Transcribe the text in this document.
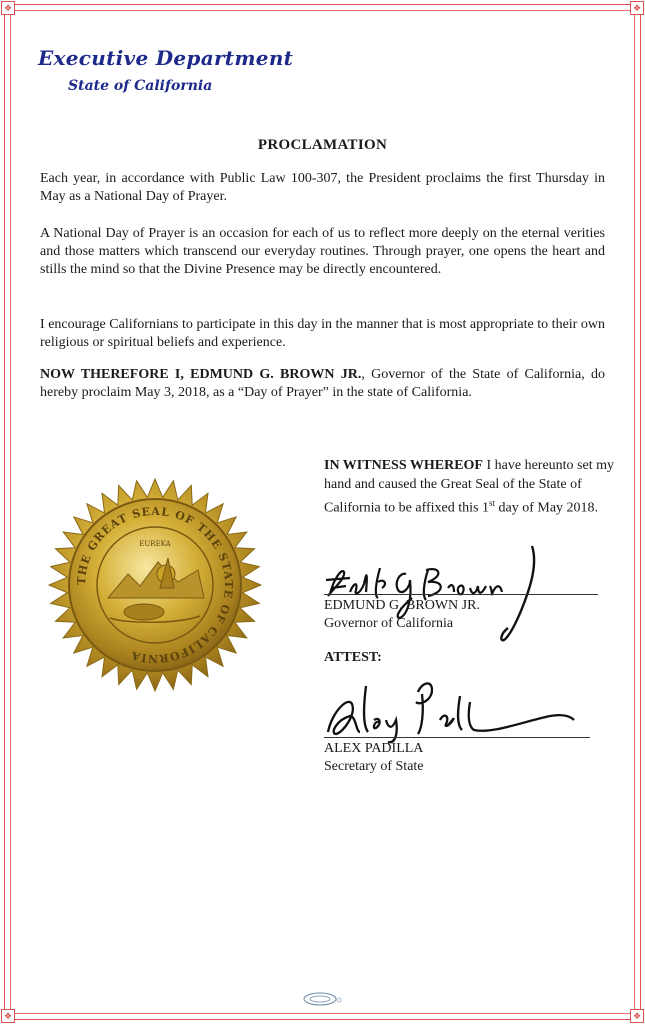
❖	❖
❖	❖
Executive Department
State of California
PROCLAMATION
Each year, in accordance with Public Law 100-307, the President proclaims the first Thursday in May as a National Day of Prayer.
A National Day of Prayer is an occasion for each of us to reflect more deeply on the eternal verities and those matters which transcend our everyday routines. Through prayer, one opens the heart and stills the mind so that the Divine Presence may be directly encountered.
I encourage Californians to participate in this day in the manner that is most appropriate to their own religious or spiritual beliefs and experience.
NOW THEREFORE I, EDMUND G. BROWN JR., Governor of the State of California, do hereby proclaim May 3, 2018, as a “Day of Prayer” in the state of California.
IN WITNESS WHEREOF I have hereunto set my hand and caused the Great Seal of the State of California to be affixed this 1st day of May 2018.
EDMUND G. BROWN JR.
Governor of California
ATTEST:
ALEX PADILLA
Secretary of State
THE GREAT SEAL OF THE STATE OF CALIFORNIA
EUREKA
